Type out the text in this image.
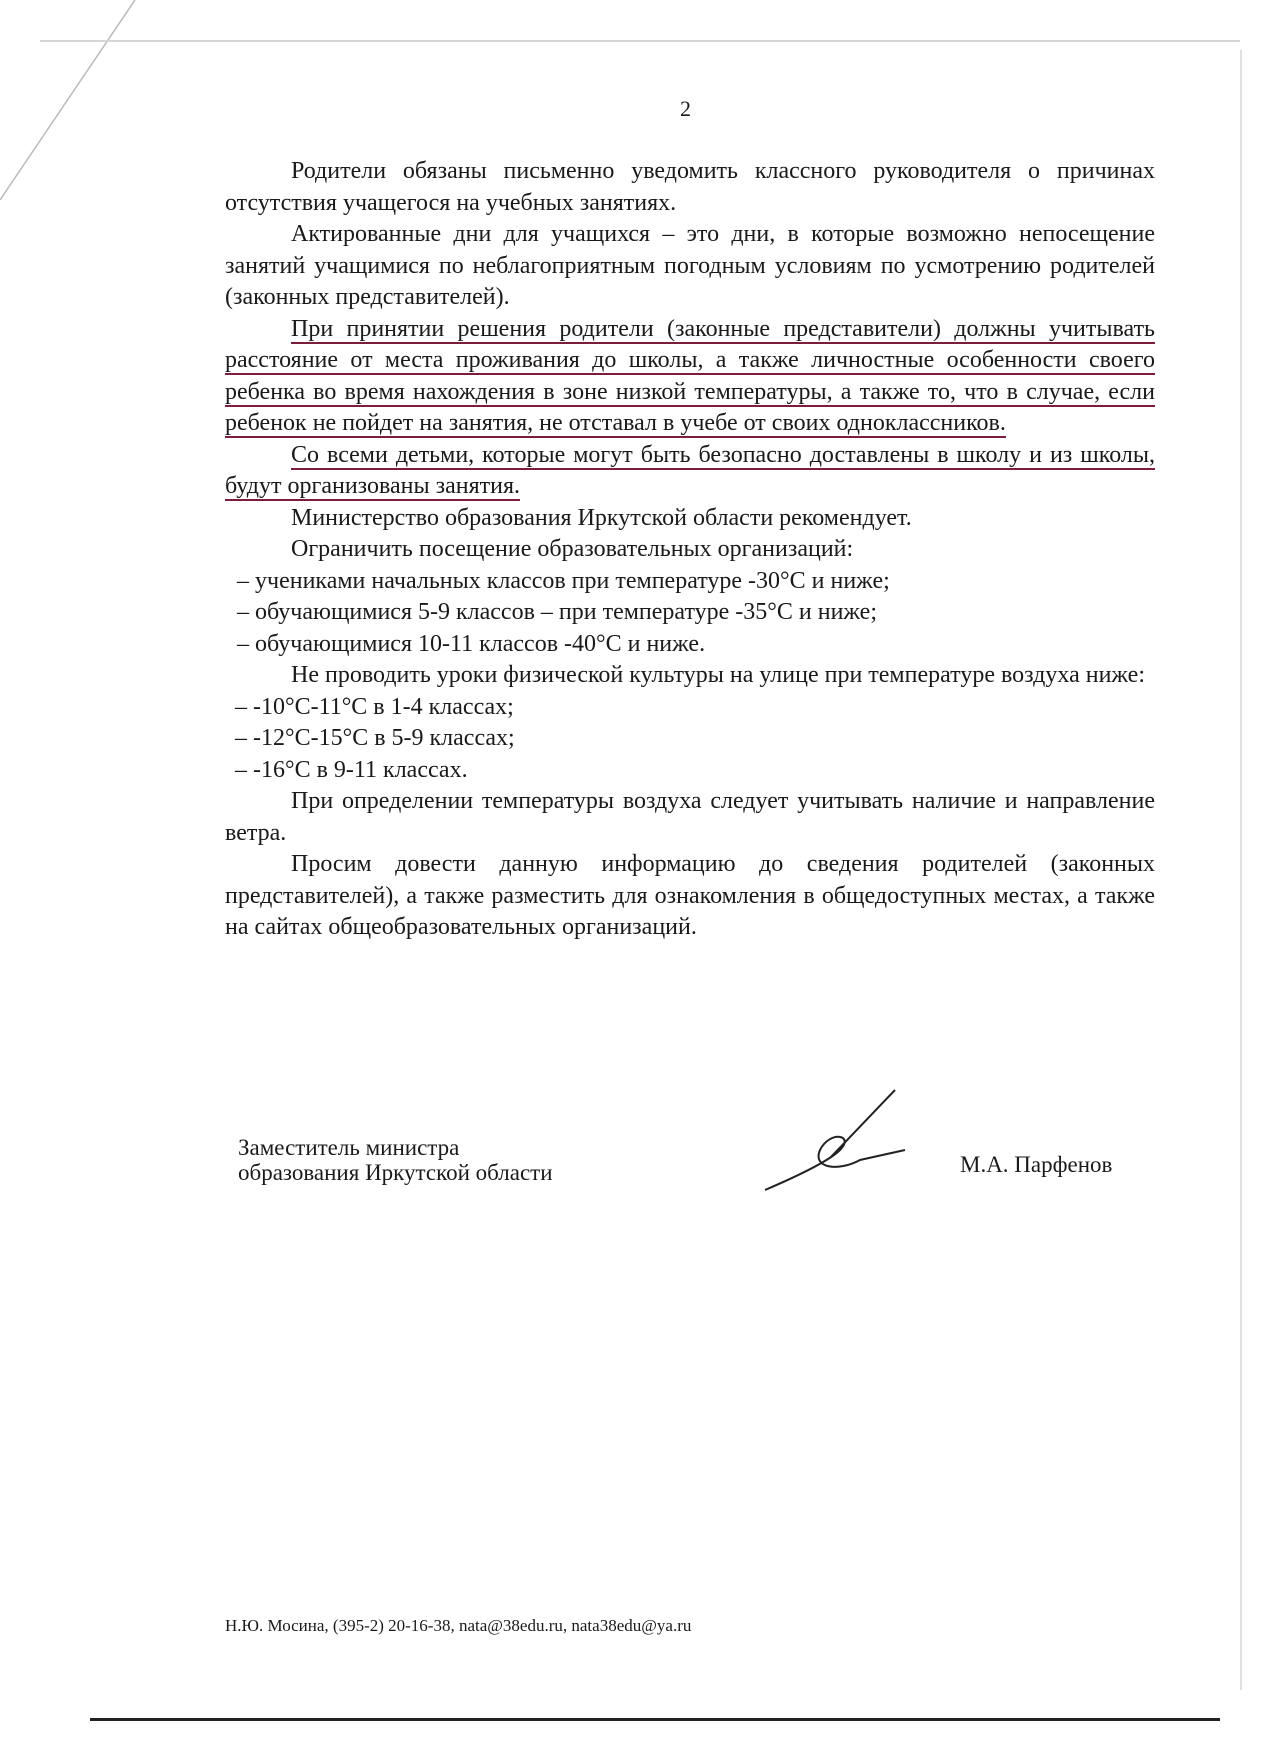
2

Родители обязаны письменно уведомить классного руководителя о причинах отсутствия учащегося на учебных занятиях.

Актированные дни для учащихся – это дни, в которые возможно непосещение занятий учащимися по неблагоприятным погодным условиям по усмотрению родителей (законных представителей).

При принятии решения родители (законные представители) должны учитывать расстояние от места проживания до школы, а также личностные особенности своего ребенка во время нахождения в зоне низкой температуры, а также то, что в случае, если ребенок не пойдет на занятия, не отставал в учебе от своих одноклассников.

Со всеми детьми, которые могут быть безопасно доставлены в школу и из школы, будут организованы занятия.

Министерство образования Иркутской области рекомендует.

Ограничить посещение образовательных организаций:

– учениками начальных классов при температуре -30°С и ниже;
– обучающимися 5-9 классов – при температуре -35°С и ниже;
– обучающимися 10-11 классов -40°С и ниже.

Не проводить уроки физической культуры на улице при температуре воздуха ниже:

– -10°С-11°С в 1-4 классах;
– -12°С-15°С в 5-9 классах;
– -16°С в 9-11 классах.

При определении температуры воздуха следует учитывать наличие и направление ветра.

Просим довести данную информацию до сведения родителей (законных представителей), а также разместить для ознакомления в общедоступных местах, а также на сайтах общеобразовательных организаций.

Заместитель министра
образования Иркутской области	М.А. Парфенов
Н.Ю. Мосина, (395-2) 20-16-38, nata@38edu.ru, nata38edu@ya.ru
